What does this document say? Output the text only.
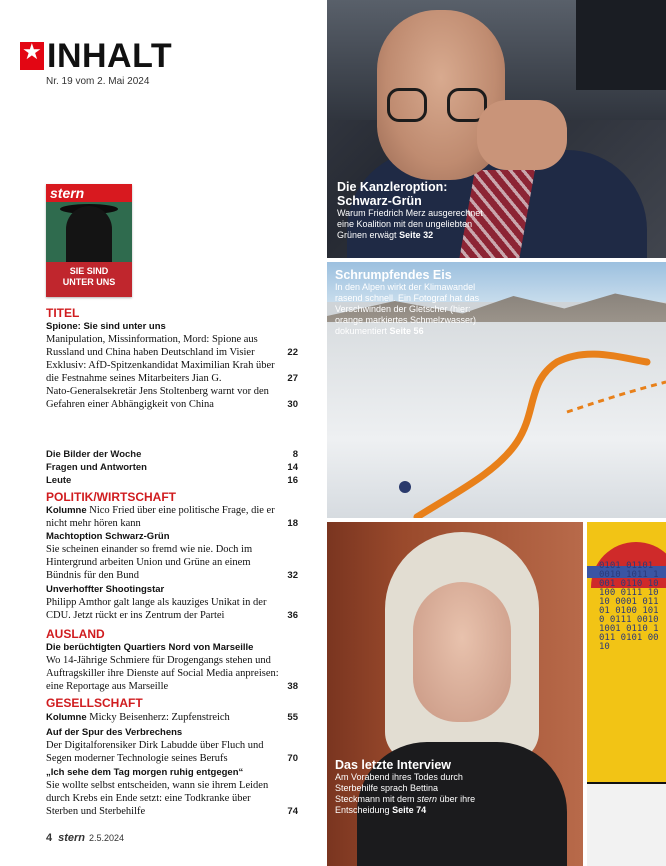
★
INHALT
Nr. 19 vom 2. Mai 2024
stern
SIE SIND
UNTER UNS
TITEL
Spione: Sie sind unter uns
Manipulation, Missinformation, Mord: Spione aus Russland und China haben Deutschland im Visier	22
Exklusiv: AfD-Spitzenkandidat Maximilian Krah über die Festnahme seines Mitarbeiters Jian G.	27
Nato-Generalsekretär Jens Stoltenberg warnt vor den Gefahren einer Abhängigkeit von China	30
Die Bilder der Woche	8
Fragen und Antworten	14
Leute	16
POLITIK/WIRTSCHAFT
Kolumne Nico Fried über eine politische Frage, die er nicht mehr hören kann	18
Machtoption Schwarz-Grün
Sie scheinen einander so fremd wie nie. Doch im Hintergrund arbeiten Union und Grüne an einem Bündnis für den Bund	32
Unverhoffter Shootingstar
Philipp Amthor galt lange als kauziges Unikat in der CDU. Jetzt rückt er ins Zentrum der Partei	36
AUSLAND
Die berüchtigten Quartiers Nord von Marseille
Wo 14-Jährige Schmiere für Drogengangs stehen und Auftragskiller ihre Dienste auf Social Media anpreisen: eine Reportage aus Marseille	38
GESELLSCHAFT
Kolumne Micky Beisenherz: Zupfenstreich	55
Auf der Spur des Verbrechens
Der Digitalforensiker Dirk Labudde über Fluch und Segen moderner Technologie seines Berufs	70
„Ich sehe dem Tag morgen ruhig entgegen“
Sie wollte selbst entscheiden, wann sie ihrem Leiden durch Krebs ein Ende setzt: eine Todkranke über Sterben und Sterbehilfe	74
4 stern 2.5.2024
Die Kanzleroption: Schwarz-Grün
Warum Friedrich Merz ausgerechnet eine Koalition mit den ungeliebten Grünen erwägt Seite 32
Schrumpfendes Eis
In den Alpen wirkt der Klimawandel rasend schnell. Ein Fotograf hat das Verschwinden der Gletscher (hier: orange markiertes Schmelzwasser) dokumentiert Seite 56
Das letzte Interview
Am Vorabend ihres Todes durch Sterbehilfe sprach Bettina Steckmann mit dem stern über ihre Entscheidung Seite 74
0101 01101 0010 1011 1001 0110 10100 0111 1010 0001 01101 0100 1010 0111 0010 1001 0110 1011 0101 0010
